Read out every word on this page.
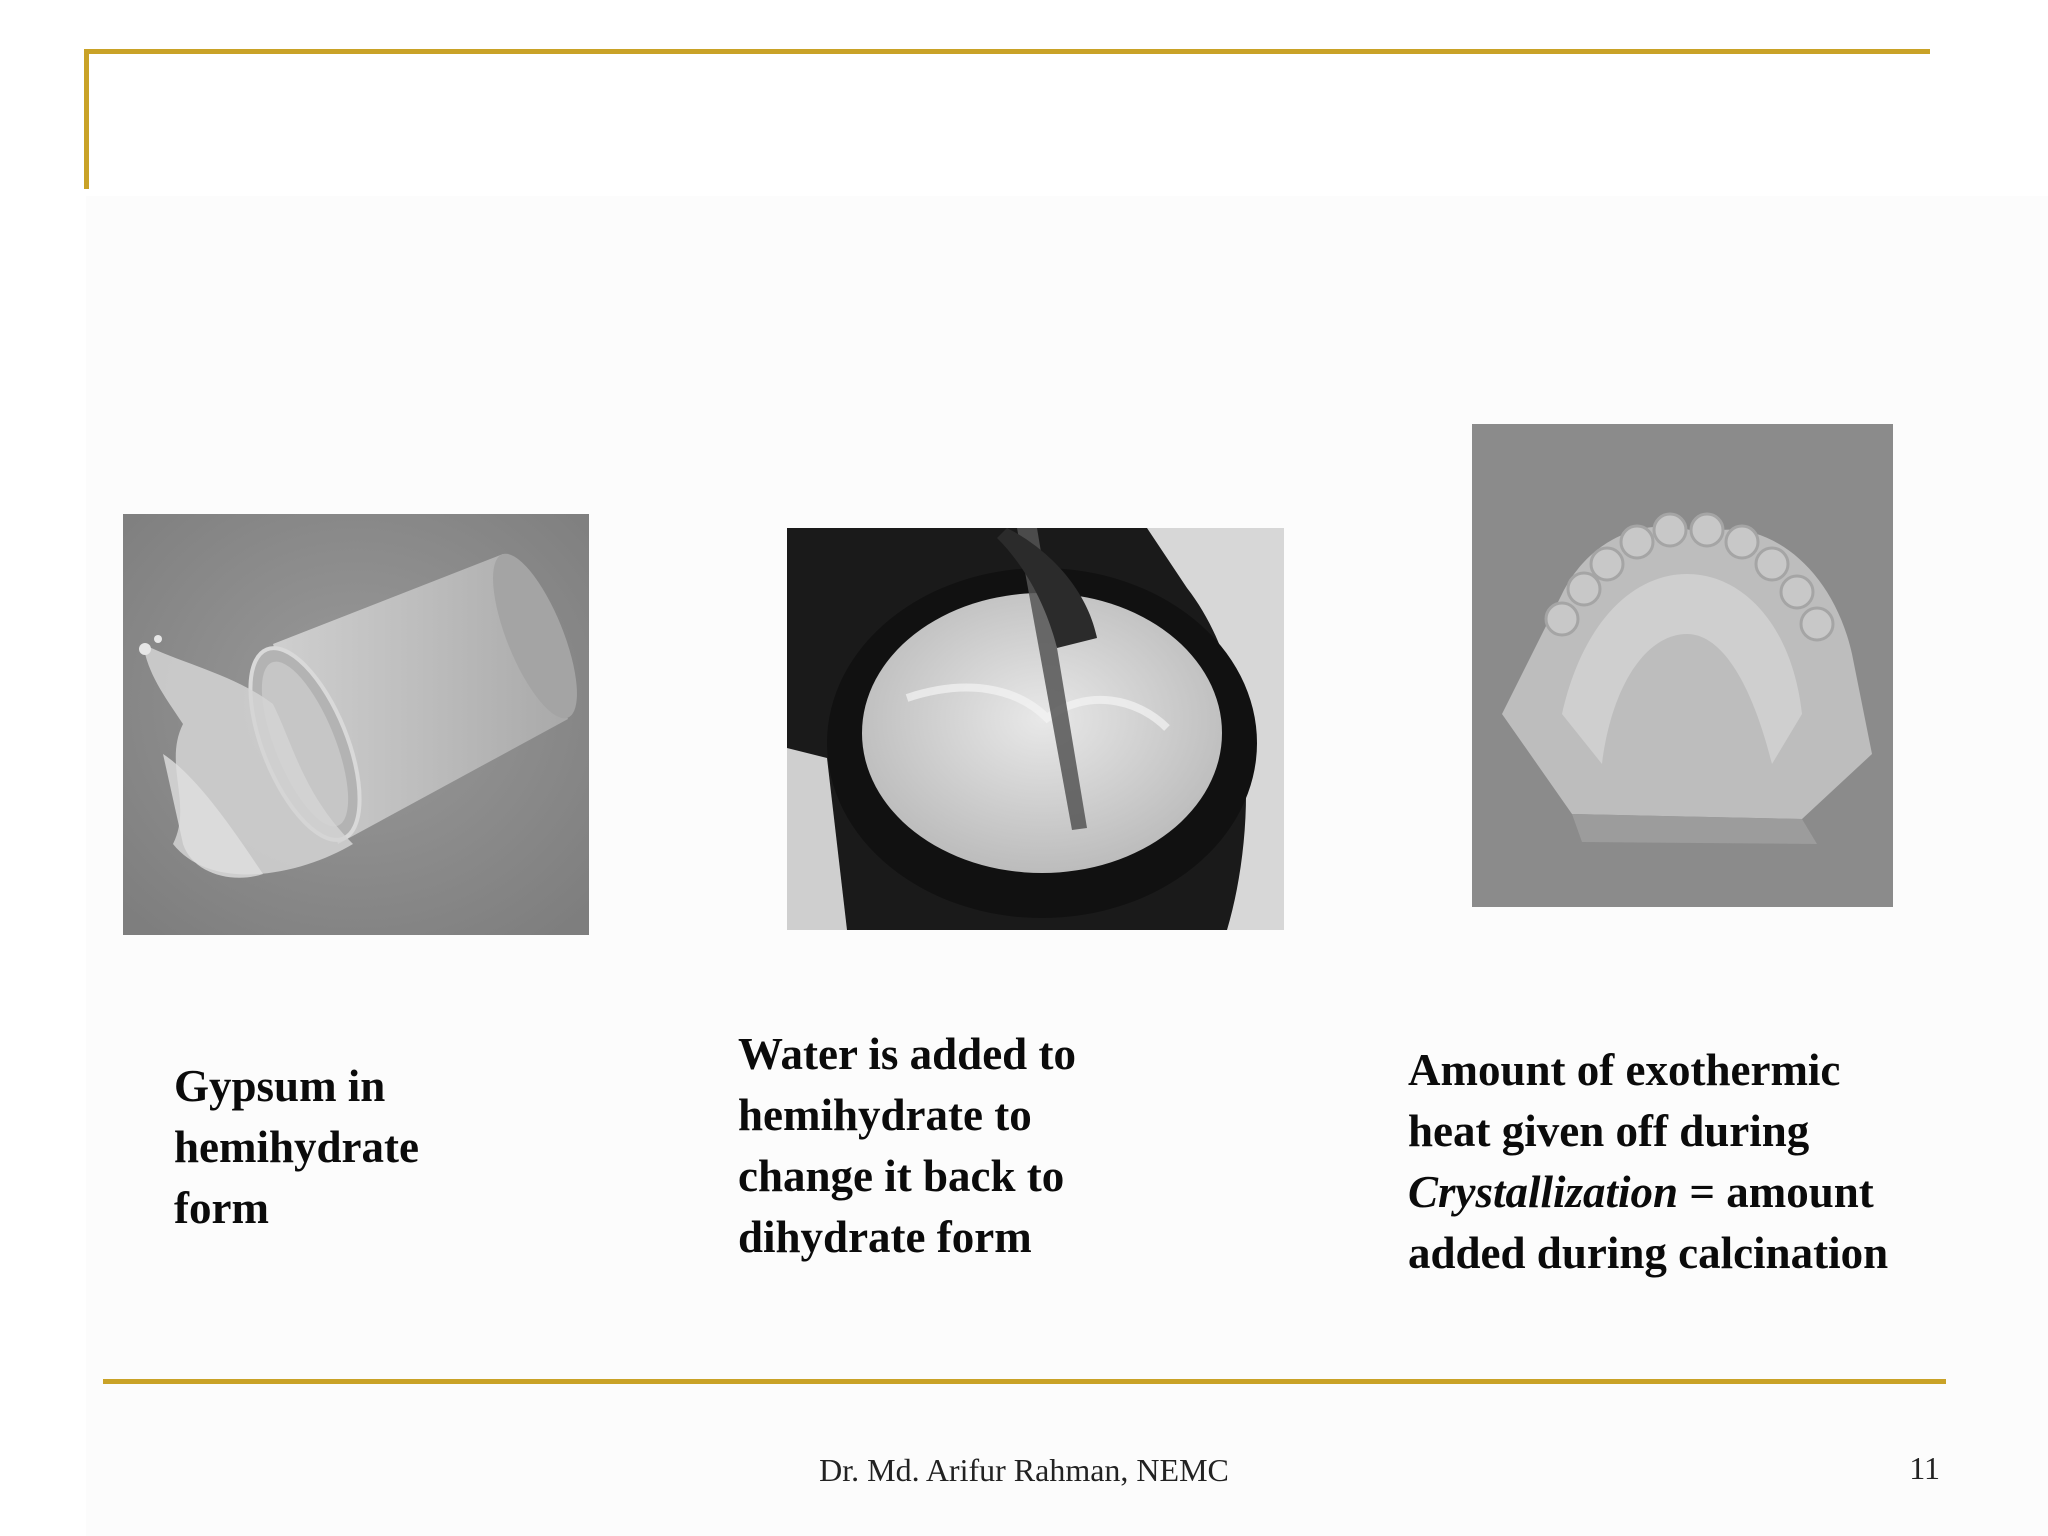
Gypsum in
hemihydrate
form

Water is added to
hemihydrate to
change it back to
dihydrate form

Amount of exothermic
heat given off during
Crystallization = amount
added during calcination

Dr. Md. Arifur Rahman, NEMC	11
